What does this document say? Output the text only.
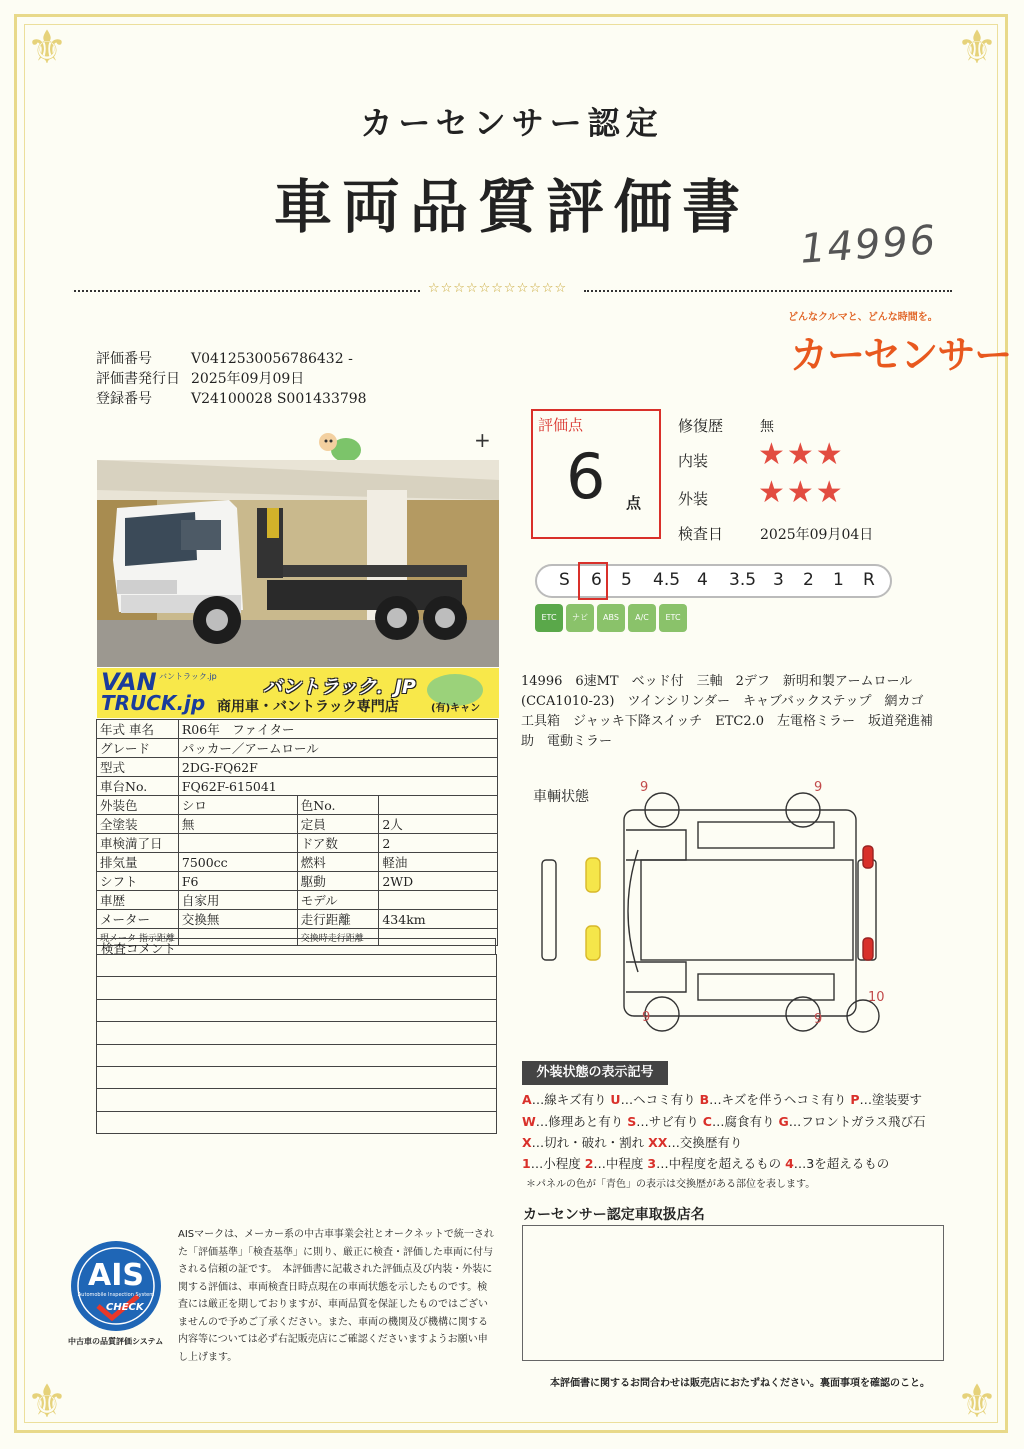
⚜	⚜
⚜	⚜
カーセンサー認定
車両品質評価書
14996
☆☆☆☆☆☆☆☆☆☆☆
どんなクルマと、どんな時間を。
カーセンサー
評価番号	V0412530056786432 -
評価書発行日 2025年09月09日
登録番号	V24100028 S001433798
+
VAN
TRUCK.jp
バントラック.jp バントラック．JP
商用車・バントラック専門店	(有)キャン
年式 車名	R06年　ファイター		
グレード	パッカー／アームロール		
型式	2DG-FQ62F		
車台No.	FQ62F-615041		
外装色	シロ	色No.	
全塗装	無	定員	2人
車検満了日		ドア数	2
排気量	7500cc	燃料	軽油
シフト	F6	駆動	2WD
車歴	自家用	モデル	
メーター	交換無	走行距離	434km
現メータ 指示距離		交換時走行距離	
検査コメント
評価点
6 点
修復歴	無
内装 ★★★
外装 ★★★
検査日	2025年09月04日
S 6 5 4.5 4 3.5 3 2 1 R
ETC ナビ ABS A/C ETC
14996　6速MT　ベッド付　三軸　2デフ　新明和製アームロール(CCA1010-23)　ツインシリンダー　キャブバックステップ　網カゴ　工具箱　ジャッキ下降スイッチ　ETC2.0　左電格ミラー　坂道発進補助　電動ミラー
車輌状態
9	9
9	9
10
外装状態の表示記号
A…線キズ有り U…ヘコミ有り B…キズを伴うヘコミ有り P…塗装要す
W…修理あと有り S…サビ有り C…腐食有り G…フロントガラス飛び石
X…切れ・破れ・割れ XX…交換歴有り
1…小程度 2…中程度 3…中程度を超えるもの 4…3を超えるもの
＊パネルの色が「青色」の表示は交換歴がある部位を表します。
カーセンサー認定車取扱店名
AIS
Automobile Inspection System
CHECK
中古車の品質評価システム
AISマークは、メーカー系の中古車事業会社とオークネットで統一された「評価基準」「検査基準」に則り、厳正に検査・評価した車両に付与される信頼の証です。　本評価書に記載された評価点及び内装・外装に関する評価は、車両検査日時点現在の車両状態を示したものです。検査には厳正を期しておりますが、車両品質を保証したものではございませんので予めご了承ください。また、車両の機関及び機構に関する内容等については必ず右記販売店にご確認くださいますようお願い申し上げます。
本評価書に関するお問合わせは販売店におたずねください。裏面事項を確認のこと。
